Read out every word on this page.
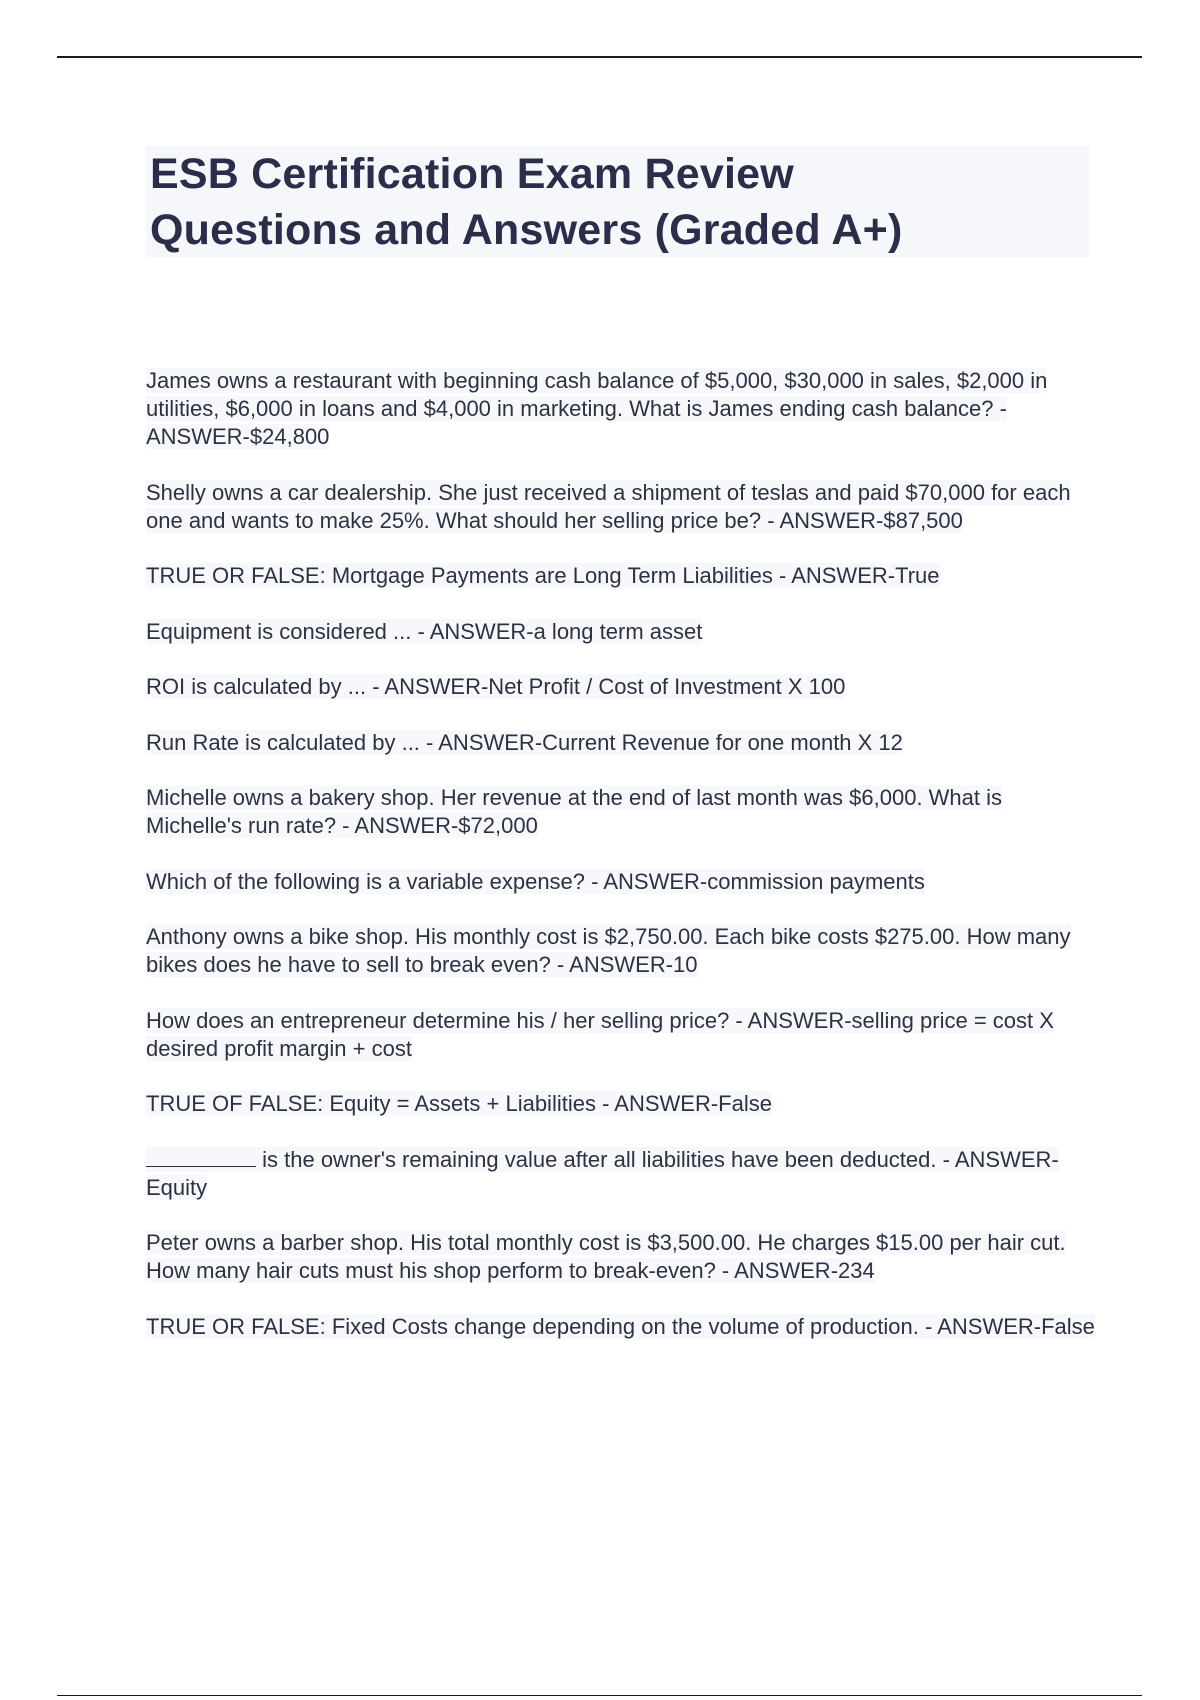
ESB Certification Exam Review
Questions and Answers (Graded A+)
James owns a restaurant with beginning cash balance of $5,000, $30,000 in sales, $2,000 in utilities, $6,000 in loans and $4,000 in marketing. What is James ending cash balance? - ANSWER-$24,800
Shelly owns a car dealership. She just received a shipment of teslas and paid $70,000 for each one and wants to make 25%. What should her selling price be? - ANSWER-$87,500
TRUE OR FALSE: Mortgage Payments are Long Term Liabilities - ANSWER-True
Equipment is considered ... - ANSWER-a long term asset
ROI is calculated by ... - ANSWER-Net Profit / Cost of Investment X 100
Run Rate is calculated by ... - ANSWER-Current Revenue for one month X 12
Michelle owns a bakery shop. Her revenue at the end of last month was $6,000. What is Michelle's run rate? - ANSWER-$72,000
Which of the following is a variable expense? - ANSWER-commission payments
Anthony owns a bike shop. His monthly cost is $2,750.00. Each bike costs $275.00. How many bikes does he have to sell to break even? - ANSWER-10
How does an entrepreneur determine his / her selling price? - ANSWER-selling price = cost X desired profit margin + cost
TRUE OF FALSE: Equity = Assets + Liabilities - ANSWER-False
is the owner's remaining value after all liabilities have been deducted. - ANSWER-Equity
Peter owns a barber shop. His total monthly cost is $3,500.00. He charges $15.00 per hair cut. How many hair cuts must his shop perform to break-even? - ANSWER-234
TRUE OR FALSE: Fixed Costs change depending on the volume of production. - ANSWER-False
